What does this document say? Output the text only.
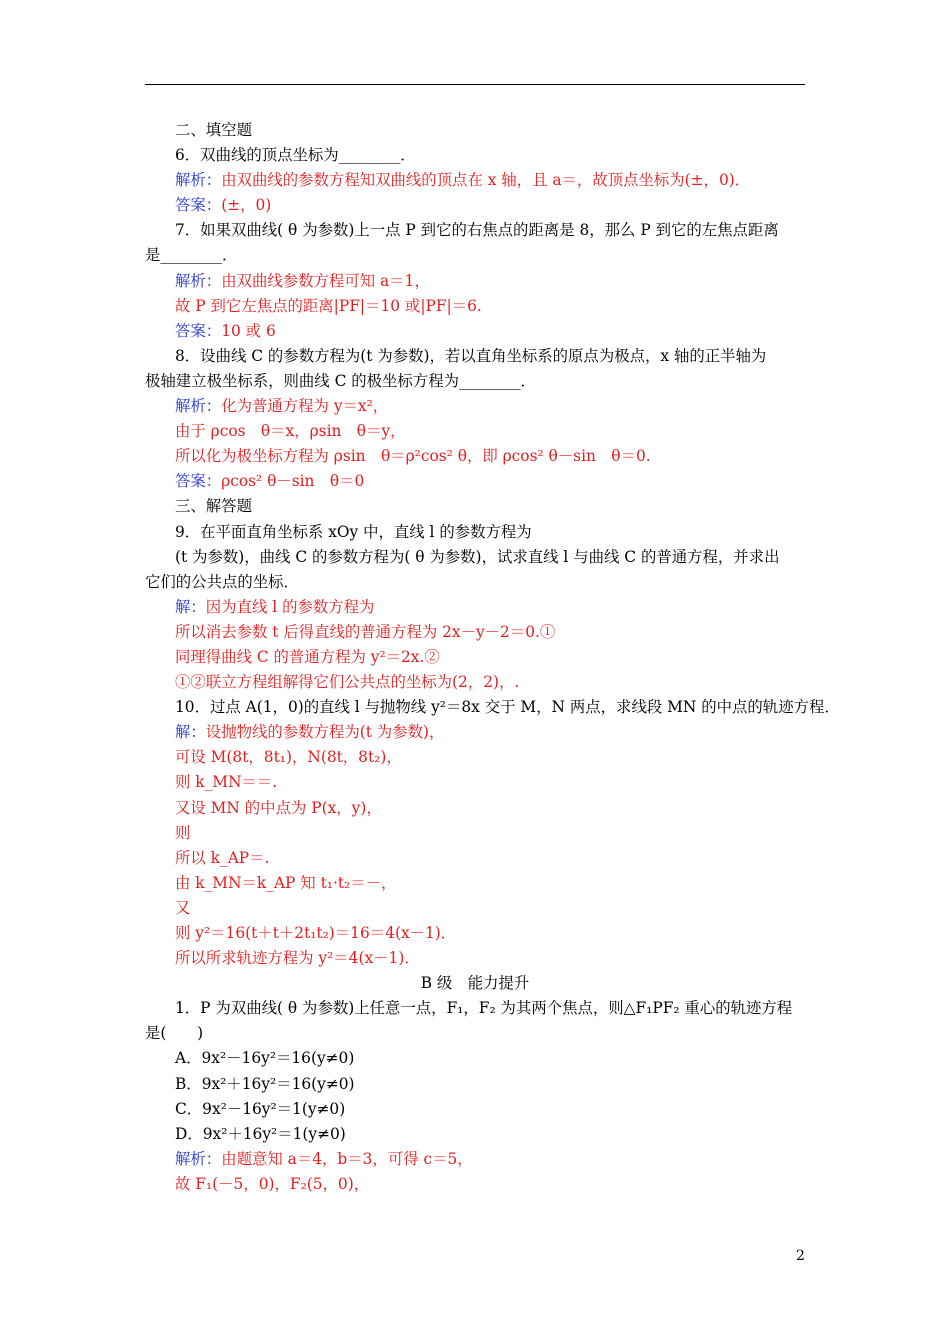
二、填空题
6．双曲线的顶点坐标为________．
解析：由双曲线的参数方程知双曲线的顶点在 x 轴，且 a＝，故顶点坐标为(±，0)．
答案：(±，0)
7．如果双曲线( θ 为参数)上一点 P 到它的右焦点的距离是 8，那么 P 到它的左焦点距离
是________．
解析：由双曲线参数方程可知 a＝1，
故 P 到它左焦点的距离|PF|＝10 或|PF|＝6.
答案：10 或 6
8．设曲线 C 的参数方程为(t 为参数)，若以直角坐标系的原点为极点，x 轴的正半轴为
极轴建立极坐标系，则曲线 C 的极坐标方程为________．
解析：化为普通方程为 y＝x²，
由于 ρcos　θ＝x，ρsin　θ＝y，
所以化为极坐标方程为 ρsin　θ＝ρ²cos² θ，即 ρcos² θ－sin　θ＝0.
答案：ρcos² θ－sin　θ＝0
三、解答题
9．在平面直角坐标系 xOy 中，直线 l 的参数方程为
(t 为参数)，曲线 C 的参数方程为( θ 为参数)，试求直线 l 与曲线 C 的普通方程，并求出
它们的公共点的坐标．
解：因为直线 l 的参数方程为
所以消去参数 t 后得直线的普通方程为 2x－y－2＝0.①
同理得曲线 C 的普通方程为 y²＝2x.②
①②联立方程组解得它们公共点的坐标为(2，2)，.
10．过点 A(1，0)的直线 l 与抛物线 y²＝8x 交于 M，N 两点，求线段 MN 的中点的轨迹方程．
解：设抛物线的参数方程为(t 为参数)，
可设 M(8t，8t₁)，N(8t，8t₂)，
则 k_MN＝＝.
又设 MN 的中点为 P(x，y)，
则
所以 k_AP＝.
由 k_MN＝k_AP 知 t₁·t₂＝－，
又
则 y²＝16(t＋t＋2t₁t₂)＝16＝4(x－1)．
所以所求轨迹方程为 y²＝4(x－1)．
B 级　能力提升
1．P 为双曲线( θ 为参数)上任意一点，F₁，F₂ 为其两个焦点，则△F₁PF₂ 重心的轨迹方程
是(　　)
A．9x²－16y²＝16(y≠0)
B．9x²＋16y²＝16(y≠0)
C．9x²－16y²＝1(y≠0)
D．9x²＋16y²＝1(y≠0)
解析：由题意知 a＝4，b＝3，可得 c＝5，
故 F₁(－5，0)，F₂(5，0)，
2
